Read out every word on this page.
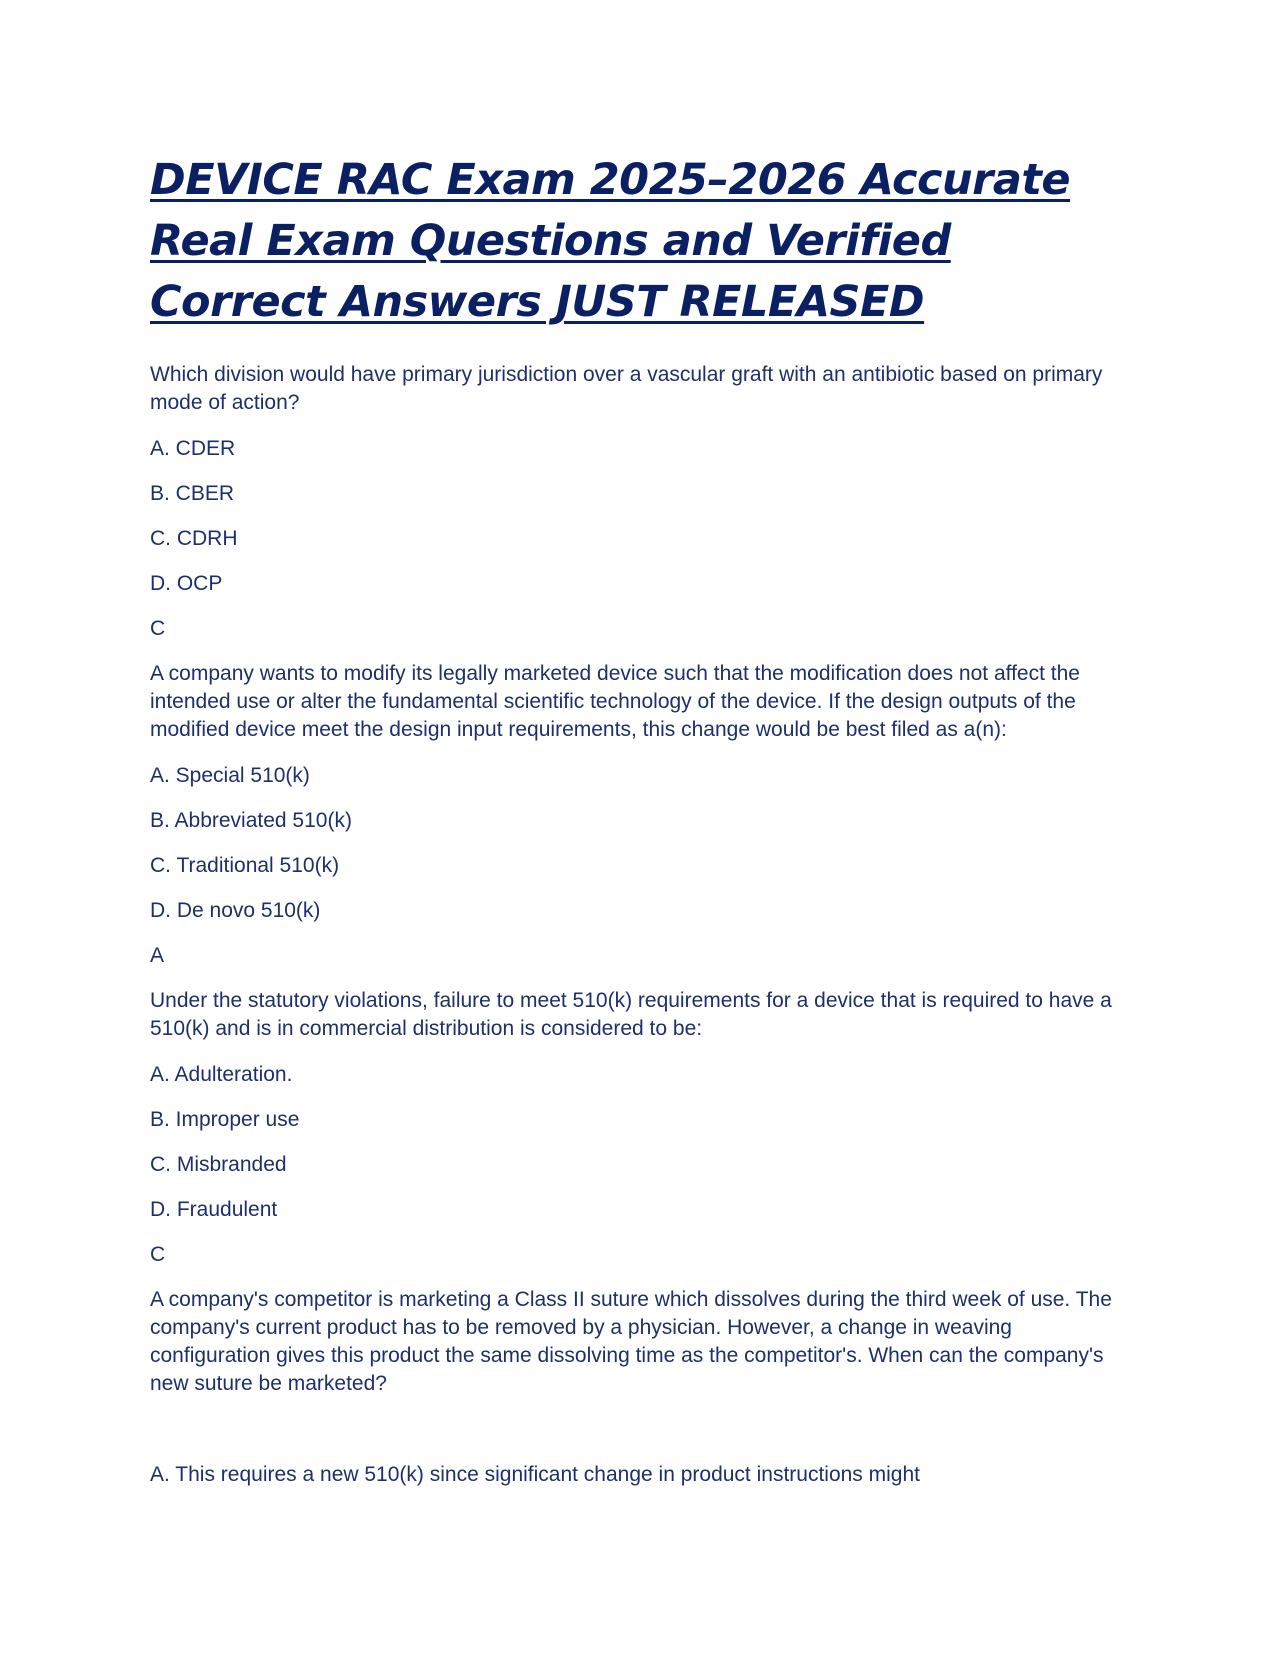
DEVICE RAC Exam 2025–2026 Accurate Real Exam Questions and Verified Correct Answers JUST RELEASED

Which division would have primary jurisdiction over a vascular graft with an antibiotic based on primary mode of action?

A. CDER

B. CBER

C. CDRH

D. OCP

C

A company wants to modify its legally marketed device such that the modification does not affect the intended use or alter the fundamental scientific technology of the device. If the design outputs of the modified device meet the design input requirements, this change would be best filed as a(n):

A. Special 510(k)

B. Abbreviated 510(k)

C. Traditional 510(k)

D. De novo 510(k)

A

Under the statutory violations, failure to meet 510(k) requirements for a device that is required to have a 510(k) and is in commercial distribution is considered to be:

A. Adulteration.

B. Improper use

C. Misbranded

D. Fraudulent

C

A company's competitor is marketing a Class II suture which dissolves during the third week of use. The company's current product has to be removed by a physician. However, a change in weaving configuration gives this product the same dissolving time as the competitor's. When can the company's new suture be marketed?

A. This requires a new 510(k) since significant change in product instructions might
